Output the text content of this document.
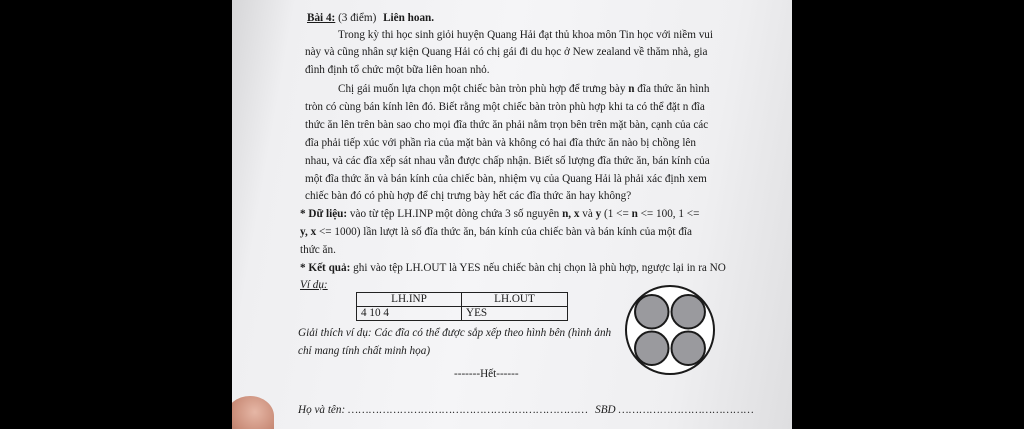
Bài 4: (3 điểm) Liên hoan.
Trong kỳ thi học sinh giỏi huyện Quang Hải đạt thủ khoa môn Tin học với niềm vui
này và cũng nhân sự kiện Quang Hải có chị gái đi du học ở New zealand về thăm nhà, gia
đình định tổ chức một bữa liên hoan nhỏ.
Chị gái muốn lựa chọn một chiếc bàn tròn phù hợp để trưng bày n đĩa thức ăn hình
tròn có cùng bán kính lên đó. Biết rằng một chiếc bàn tròn phù hợp khi ta có thể đặt n đĩa
thức ăn lên trên bàn sao cho mọi đĩa thức ăn phải nằm trọn bên trên mặt bàn, cạnh của các
đĩa phải tiếp xúc với phần rìa của mặt bàn và không có hai đĩa thức ăn nào bị chồng lên
nhau, và các đĩa xếp sát nhau vẫn được chấp nhận. Biết số lượng đĩa thức ăn, bán kính của
một đĩa thức ăn và bán kính của chiếc bàn, nhiệm vụ của Quang Hải là phải xác định xem
chiếc bàn đó có phù hợp để chị trưng bày hết các đĩa thức ăn hay không?
* Dữ liệu: vào từ tệp LH.INP một dòng chứa 3 số nguyên n, x và y (1 <= n <= 100, 1 <=
y, x <= 1000) lần lượt là số đĩa thức ăn, bán kính của chiếc bàn và bán kính của một đĩa
thức ăn.
* Kết quả: ghi vào tệp LH.OUT là YES nếu chiếc bàn chị chọn là phù hợp, ngược lại in ra NO
Ví dụ:
LH.INP	LH.OUT
4 10 4	YES
Giải thích ví dụ: Các đĩa có thể được sắp xếp theo hình bên (hình ảnh
chỉ mang tính chất minh họa)
-------Hết------
Họ và tên: …………………………………………………………… SBD …………………………………
